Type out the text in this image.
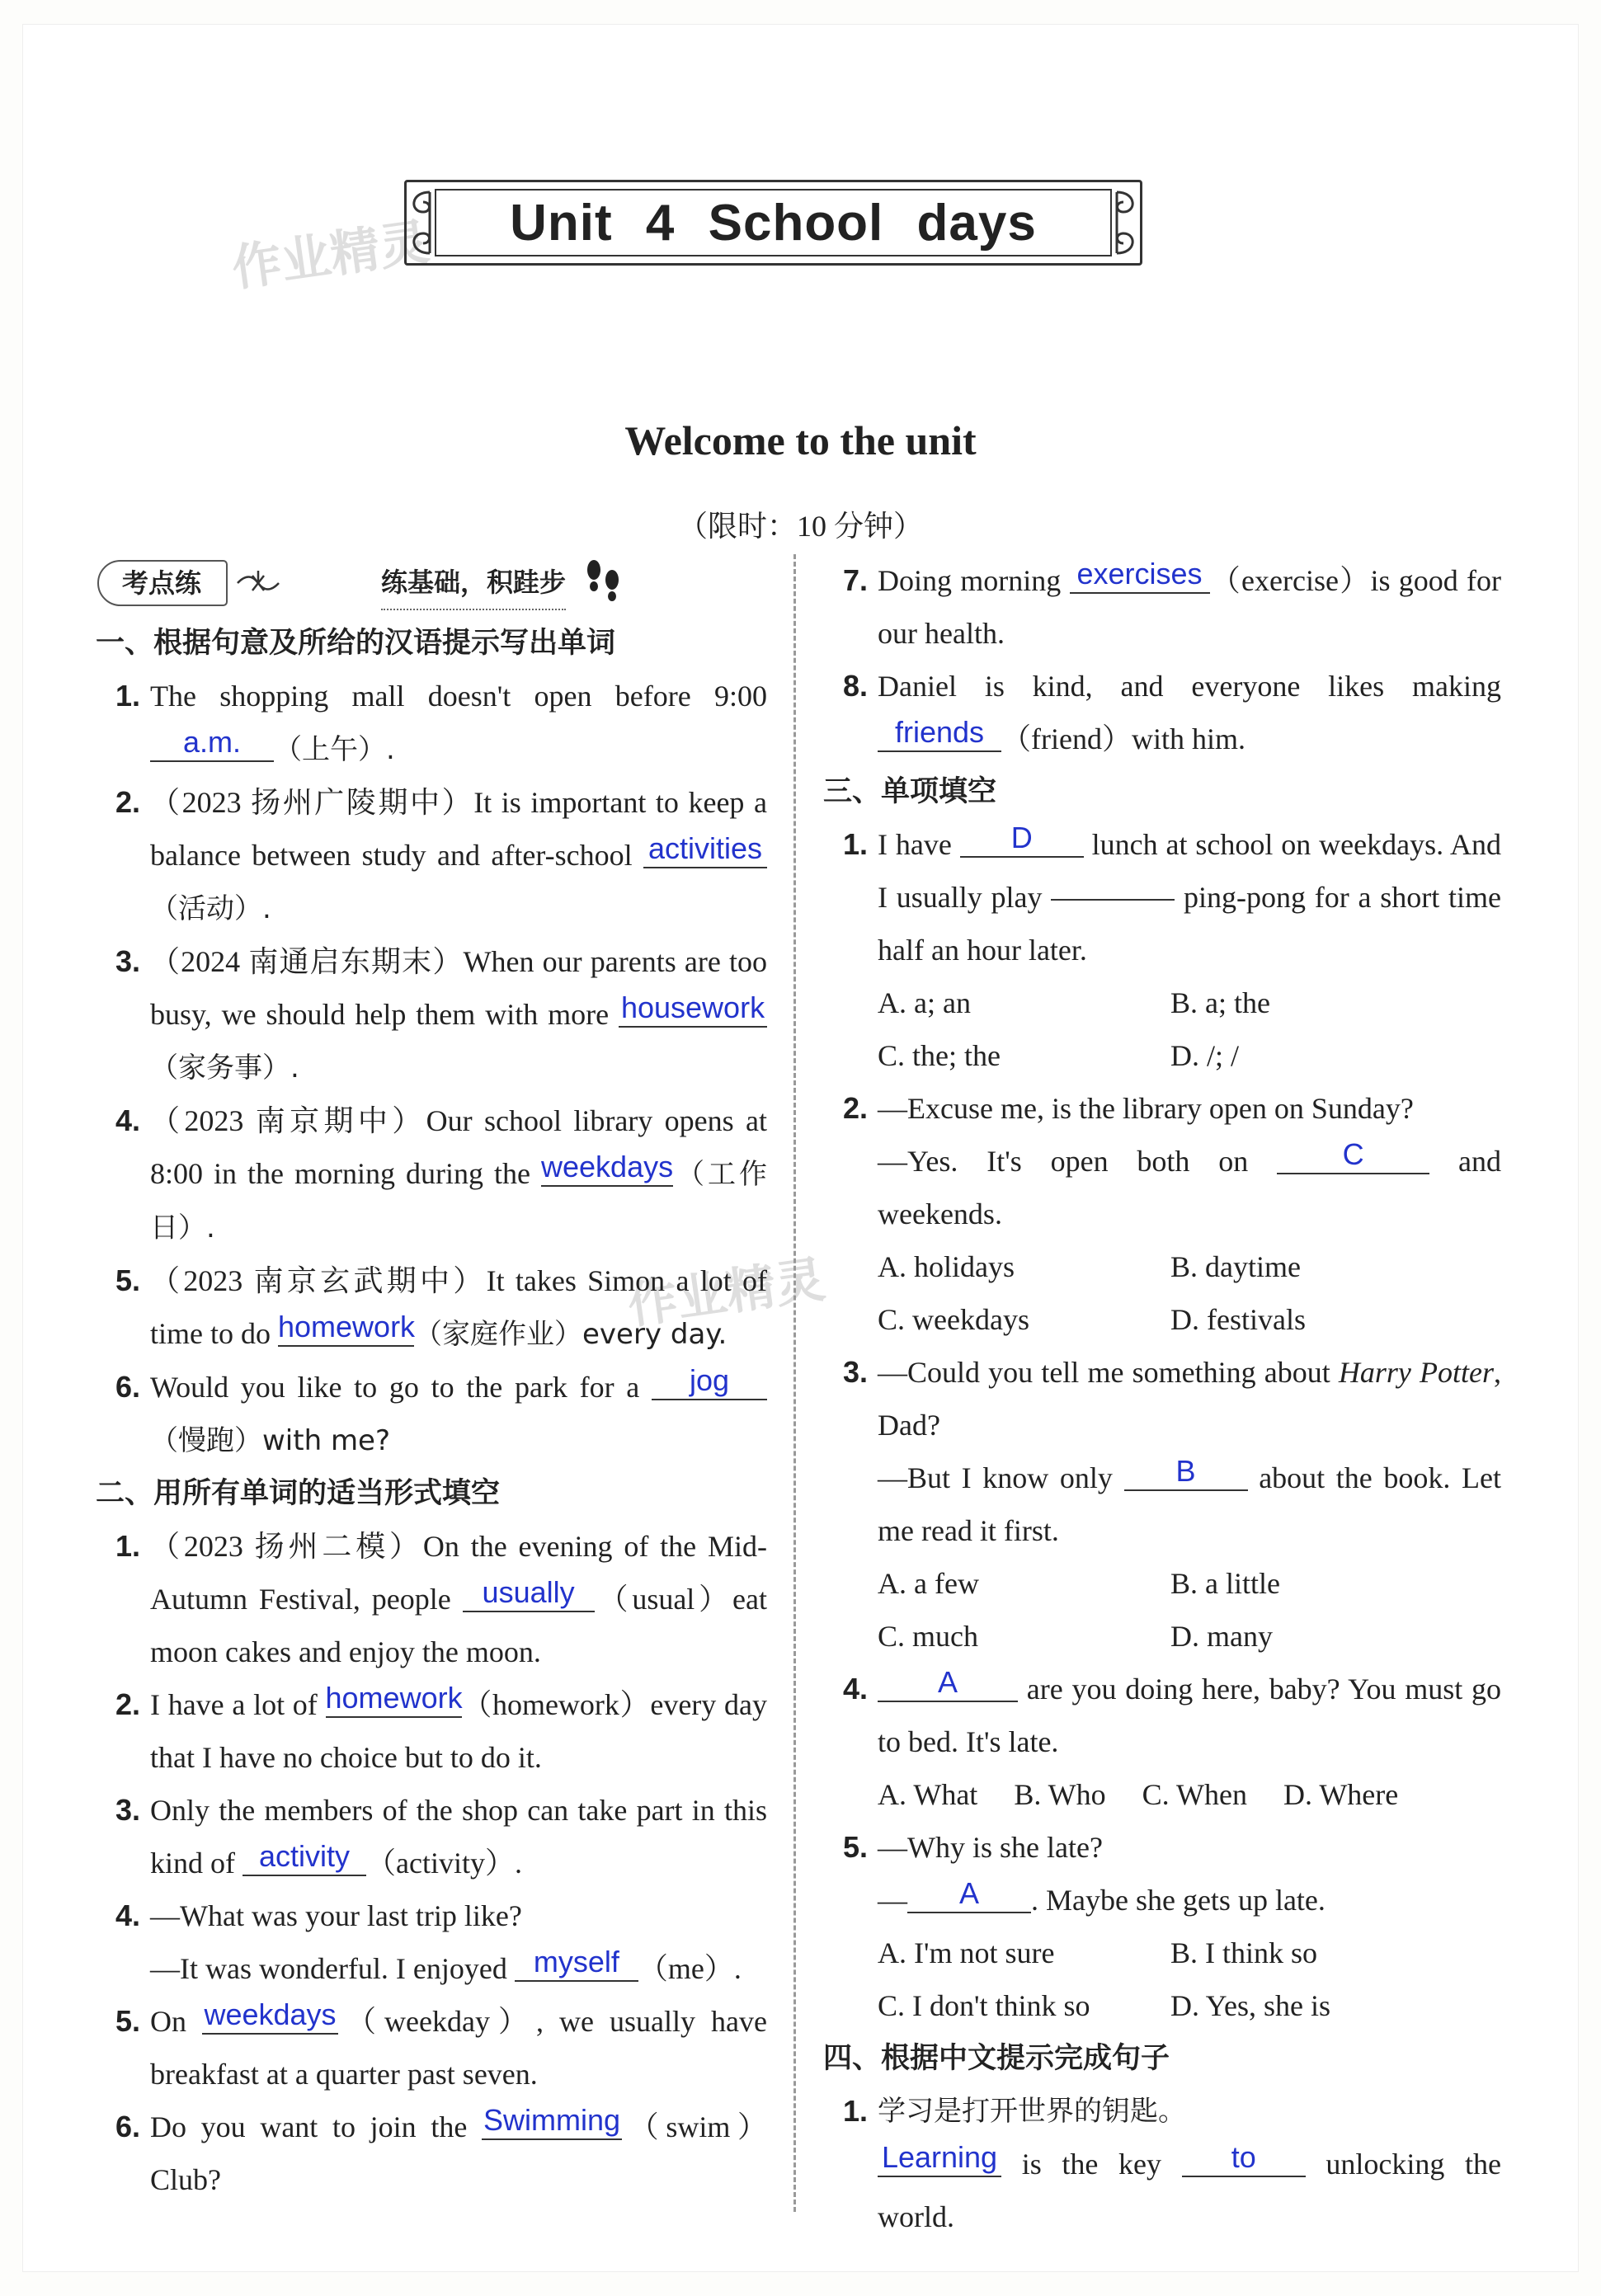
作业精灵
作业精灵
Unit 4 School days
Welcome to the unit
（限时：10 分钟）
考点练	练基础，积跬步
一、根据句意及所给的汉语提示写出单词
1. The shopping mall doesn't open before 9:00 a.m. （上午）.
2. （2023 扬州广陵期中）It is important to keep a balance between study and after-school activities（活动）.
3. （2024 南通启东期末）When our parents are too busy, we should help them with more housework（家务事）.
4. （2023 南京期中）Our school library opens at 8:00 in the morning during the weekdays（工作日）.
5. （2023 南京玄武期中）It takes Simon a lot of time to do homework（家庭作业）every day.
6. Would you like to go to the park for a jog （慢跑）with me?
二、用所有单词的适当形式填空
1. （2023 扬州二模）On the evening of the Mid-Autumn Festival, people usually （usual）eat moon cakes and enjoy the moon.
2. I have a lot of homework（homework）every day that I have no choice but to do it.
3. Only the members of the shop can take part in this kind of activity （activity）.
4. —What was your last trip like?
—It was wonderful. I enjoyed myself （me）.
5. On weekdays（weekday）, we usually have breakfast at a quarter past seven.
6. Do you want to join the Swimming（swim）Club?
7. Doing morning exercises （exercise）is good for our health.
8. Daniel is kind, and everyone likes making friends （friend）with him.
三、单项填空
1. I have D lunch at school on weekdays. And I usually play	ping-pong for a short time half an hour later.
A. a; an	B. a; the
C. the; the	D. /; /
2. —Excuse me, is the library open on Sunday?
—Yes. It's open both on	C	and weekends.
A. holidays	B. daytime
C. weekdays	D. festivals
3. —Could you tell me something about Harry Potter, Dad?
—But I know only B about the book. Let me read it first.
A. a few	B. a little
C. much	D. many
4.	A are you doing here, baby? You must go to bed. It's late.
A. What B. Who C. When D. Where
5. —Why is she late?
— A . Maybe she gets up late.
A. I'm not sure	B. I think so
C. I don't think so	D. Yes, she is
四、根据中文提示完成句子
1. 学习是打开世界的钥匙。
Learning is the key to unlocking the world.
